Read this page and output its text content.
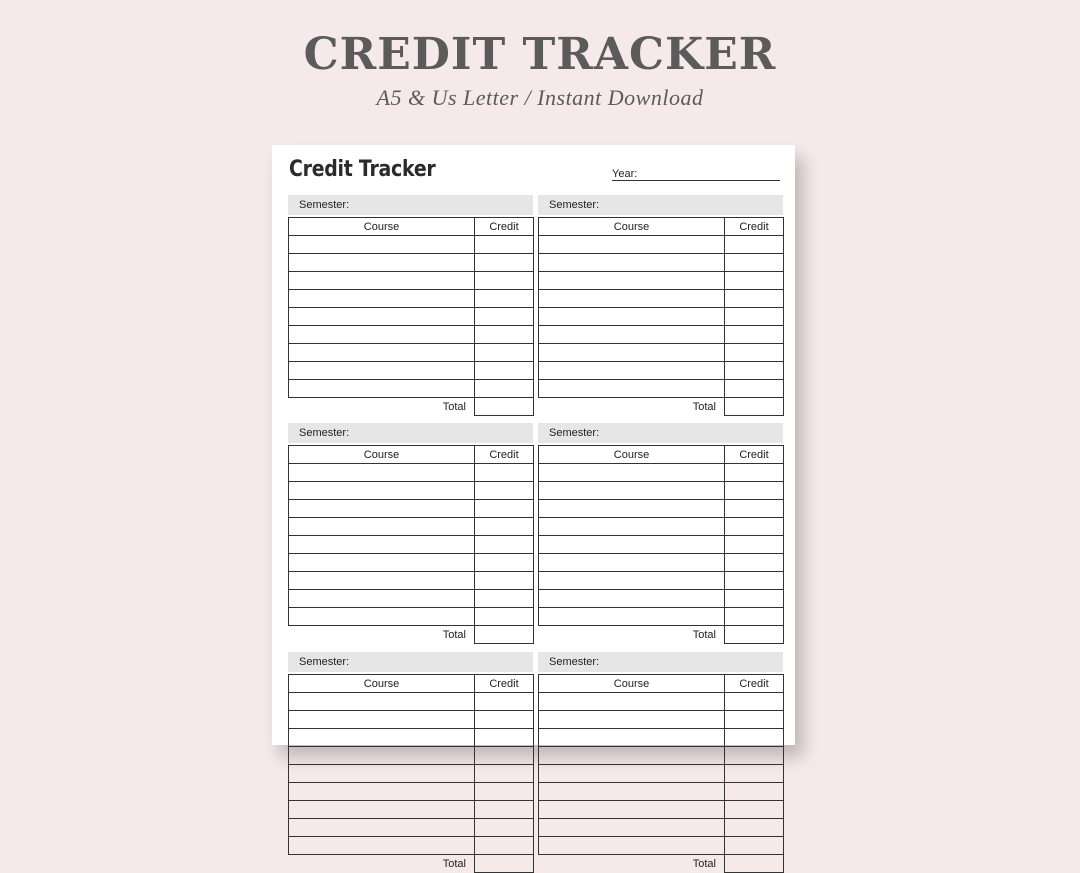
CREDIT TRACKER
A5 & Us Letter / Instant Download
Credit Tracker	Year:
Semester:
Course	Credit

Total	
Semester:
Course	Credit

Total	
Semester:
Course	Credit

Total	
Semester:
Course	Credit

Total	
Semester:
Course	Credit

Total	
Semester:
Course	Credit

Total	
